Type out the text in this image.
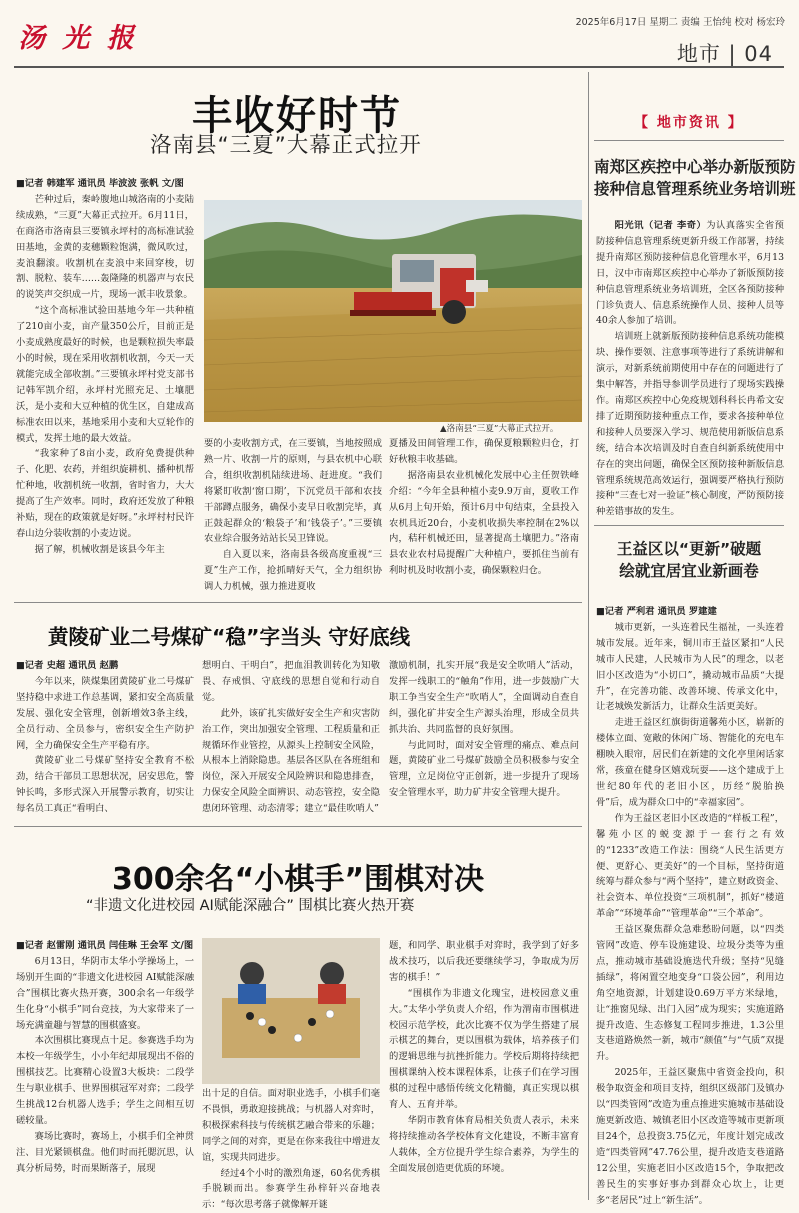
汤 光 报
2025年6月17日 星期二 责编 王怡纯 校对 杨宏玲
地市 | 04
丰收好时节
洛南县“三夏”大幕正式拉开
■记者 韩建军 通讯员 毕波波 张帆 文/图
芒种过后，秦岭腹地山城洛南的小麦陆续成熟，“三夏”大幕正式拉开。6月11日，在商洛市洛南县三要镇永坪村的高标准试验田基地，金黄的麦穗颗粒饱满，微风吹过，麦浪翻滚。收割机在麦浪中来回穿梭，切割、脱粒、装车……轰隆隆的机器声与农民的说笑声交织成一片，现场一派丰收景象。
“这个高标准试验田基地今年一共种植了210亩小麦，亩产量350公斤，目前正是小麦成熟度最好的时候，也是颗粒损失率最小的时候，现在采用收割机收割，今天一天就能完成全部收割。”三要镇永坪村党支部书记韩军凯介绍，永坪村光照充足、土壤肥沃，是小麦和大豆种植的优生区，自建成高标准农田以来，基地采用小麦和大豆轮作的模式，发挥土地的最大效益。
“我家种了8亩小麦，政府免费提供种子、化肥、农药，并组织旋耕机、播种机帮忙种地，收割机统一收割，省时省力，大大提高了生产效率。同时，政府还发放了种粮补贴，现在的政策就是好呀。”永坪村村民许春山边分装收割的小麦边说。
据了解，机械收割是该县今年主
▲洛南县“三夏”大幕正式拉开。
要的小麦收割方式，在三要镇，当地按照成熟一片、收割一片的原则，与县农机中心联合，组织收割机陆续进场、赶进度。“我们将紧盯收割‘窗口期’，下沉党员干部和农技干部蹲点服务，确保小麦早日收割完毕，真正鼓起群众的‘粮袋子’和‘钱袋子’。”三要镇农业综合服务站站长吴卫锋说。
自入夏以来，洛南县各级高度重视“三夏”生产工作，抢抓晴好天气，全力组织协调人力机械，强力推进夏收
夏播及田间管理工作，确保夏粮颗粒归仓，打好秋粮丰收基础。
据洛南县农业机械化发展中心主任贺铁峰介绍：“今年全县种植小麦9.9万亩，夏收工作从6月上旬开始，预计6月中旬结束，全县投入农机具近20台，小麦机收损失率控制在2%以内，秸秆机械还田，显著提高土壤肥力。”洛南县农业农村局提醒广大种植户，要抓住当前有利时机及时收割小麦，确保颗粒归仓。
黄陵矿业二号煤矿“稳”字当头 守好底线
■记者 史超 通讯员 赵鹏
今年以来，陕煤集团黄陵矿业二号煤矿坚持稳中求进工作总基调，紧扣安全高质量发展、强化安全管理，创新增效3条主线，全员行动、全员参与，密织安全生产防护网，全力确保安全生产平稳有序。
黄陵矿业二号煤矿坚持安全教育不松劲，结合干部员工思想状况，居安思危，警钟长鸣，多形式深入开展警示教育，切实让每名员工真正“看明白、
想明白、干明白”，把血泪教训转化为知敬畏、存戒惧、守底线的思想自觉和行动自觉。
此外，该矿扎实做好安全生产和灾害防治工作，突出加强安全管理、工程质量和正规循环作业管控，从源头上控制安全风险，从根本上消除隐患。基层各区队在各班组和岗位，深入开展安全风险辨识和隐患排查，力保安全风险全面辨识、动态管控，安全隐患闭环管理、动态清零；建立“最佳吹哨人”
激励机制，扎实开展“我是安全吹哨人”活动，发挥一线职工的“触角”作用，进一步鼓励广大职工争当安全生产“吹哨人”，全面调动自查自纠，强化矿井安全生产源头治理，形成全员共抓共治、共同监督的良好氛围。
与此同时，面对安全管理的痛点、难点问题，黄陵矿业二号煤矿鼓励全员积极参与安全管理，立足岗位守正创新，进一步提升了现场安全管理水平，助力矿井安全管理大提升。
300余名“小棋手”围棋对决
“非遗文化进校园 AI赋能深融合” 围棋比赛火热开赛
■记者 赵雷刚 通讯员 闫佳琳 王会军 文/图
6月13日，华阴市太华小学操场上，一场别开生面的“非遗文化进校园 AI赋能深融合”围棋比赛火热开赛，300余名一年级学生化身“小棋手”同台竞技，为大家带来了一场充满童趣与智慧的围棋盛宴。
本次围棋比赛现点十足。参赛选手均为本校一年级学生，小小年纪却展现出不俗的围棋技艺。比赛精心设置3大板块：二段学生与职业棋手、世界围棋冠军对弈；二段学生挑战12台机器人选手；学生之间相互切磋较量。
赛场比赛时，赛场上，小棋手们全神贯注、目光紧锁棋盘。他们时而托腮沉思，认真分析局势，时而果断落子，展现
出十足的自信。面对职业选手，小棋手们毫不畏惧，勇敢迎接挑战；与机器人对弈时，积极探索科技与传统棋艺融合带来的乐趣；同学之间的对弈，更是在你来我往中增进友谊，实现共同进步。
经过4个小时的激烈角逐，60名优秀棋手脱颖而出。参赛学生孙梓轩兴奋地表示：“每次思考落子就像解开谜
题，和同学、职业棋手对弈时，我学到了好多战术技巧，以后我还要继续学习，争取成为厉害的棋手！”
“围棋作为非遗文化瑰宝，进校园意义重大。”太华小学负责人介绍，作为渭南市围棋进校园示范学校，此次比赛不仅为学生搭建了展示棋艺的舞台，更以围棋为载体，培养孩子们的逻辑思维与抗挫折能力。学校后期将持续把围棋课纳入校本课程体系，让孩子们在学习围棋的过程中感悟传统文化精髓，真正实现以棋育人、五育并举。
华阴市教育体育局相关负责人表示，未来将持续推动各学校体育文化建设，不断丰富育人载体，全方位提升学生综合素养，为学生的全面发展创造更优质的环境。
【 地市资讯 】
南郑区疾控中心举办新版预防
接种信息管理系统业务培训班
阳光讯（记者 李奇）为认真落实全省预防接种信息管理系统更新升级工作部署，持续提升南郑区预防接种信息化管理水平，6月13日，汉中市南郑区疾控中心举办了新版预防接种信息管理系统业务培训班，全区各预防接种门诊负责人、信息系统操作人员、接种人员等40余人参加了培训。
培训班上就新版预防接种信息系统功能模块、操作要领、注意事项等进行了系统讲解和演示，对新系统前期使用中存在的问题进行了集中解答，并指导参训学员进行了现场实践操作。南郑区疾控中心免疫规划科科长冉希文安排了近期预防接种重点工作，要求各接种单位和接种人员要深入学习、规范使用新版信息系统，结合本次培训及时自查自纠新系统使用中存在的突出问题，确保全区预防接种新版信息管理系统规范高效运行，强调要严格执行预防接种“三查七对一验证”核心制度，严防预防接种差错事故的发生。
王益区以“更新”破题
绘就宜居宜业新画卷
■记者 严利君 通讯员 罗建建
城市更新，一头连着民生福祉，一头连着城市发展。近年来，铜川市王益区紧扣“人民城市人民建，人民城市为人民”的理念，以老旧小区改造为“小切口”，撬动城市品质“大提升”，在完善功能、改善环境、传承文化中，让老城焕发新活力，让群众生活更美好。
走进王益区红旗街街道馨苑小区，崭新的楼体立面、宽敞的休闲广场、智能化的充电车棚映入眼帘，居民们在新建的文化亭里闲话家常，孩童在健身区嬉戏玩耍——这个建成于上世纪80年代的老旧小区，历经“脱胎换骨”后，成为群众口中的“幸福家园”。
作为王益区老旧小区改造的“样板工程”，馨苑小区的蜕变源于一套行之有效的“1233”改造工作法：围绕“人民生活更方便、更舒心、更美好”的一个目标，坚持街道统筹与群众参与“两个坚持”，建立财政资金、社会资本、单位投资“三项机制”，抓好“楼道革命”“环境革命”“管理革命”“三个革命”。
王益区聚焦群众急难愁盼问题，以“四类管网”改造、停车设施建设、垃圾分类等为重点，推动城市基础设施迭代升级；坚持“见缝插绿”，将闲置空地变身“口袋公园”，利用边角空地资源，计划建设0.69万平方米绿地，让“推窗见绿、出门入园”成为现实；实施道路提升改造、生态修复工程同步推进，1.3公里支巷道路焕然一新，城市“颜值”与“气质”双提升。
2025年，王益区聚焦中省资金投向，积极争取资金和项目支持，组织区级部门及镇办以“四类管网”改造为重点推进实施城市基础设施更新改造、城镇老旧小区改造等城市更新项目24个，总投资3.75亿元，年度计划完成改造“四类管网”47.76公里，提升改造支巷道路12公里，实施老旧小区改造15个，争取把改善民生的实事好事办到群众心坎上，让更多“老居民”过上“新生活”。
